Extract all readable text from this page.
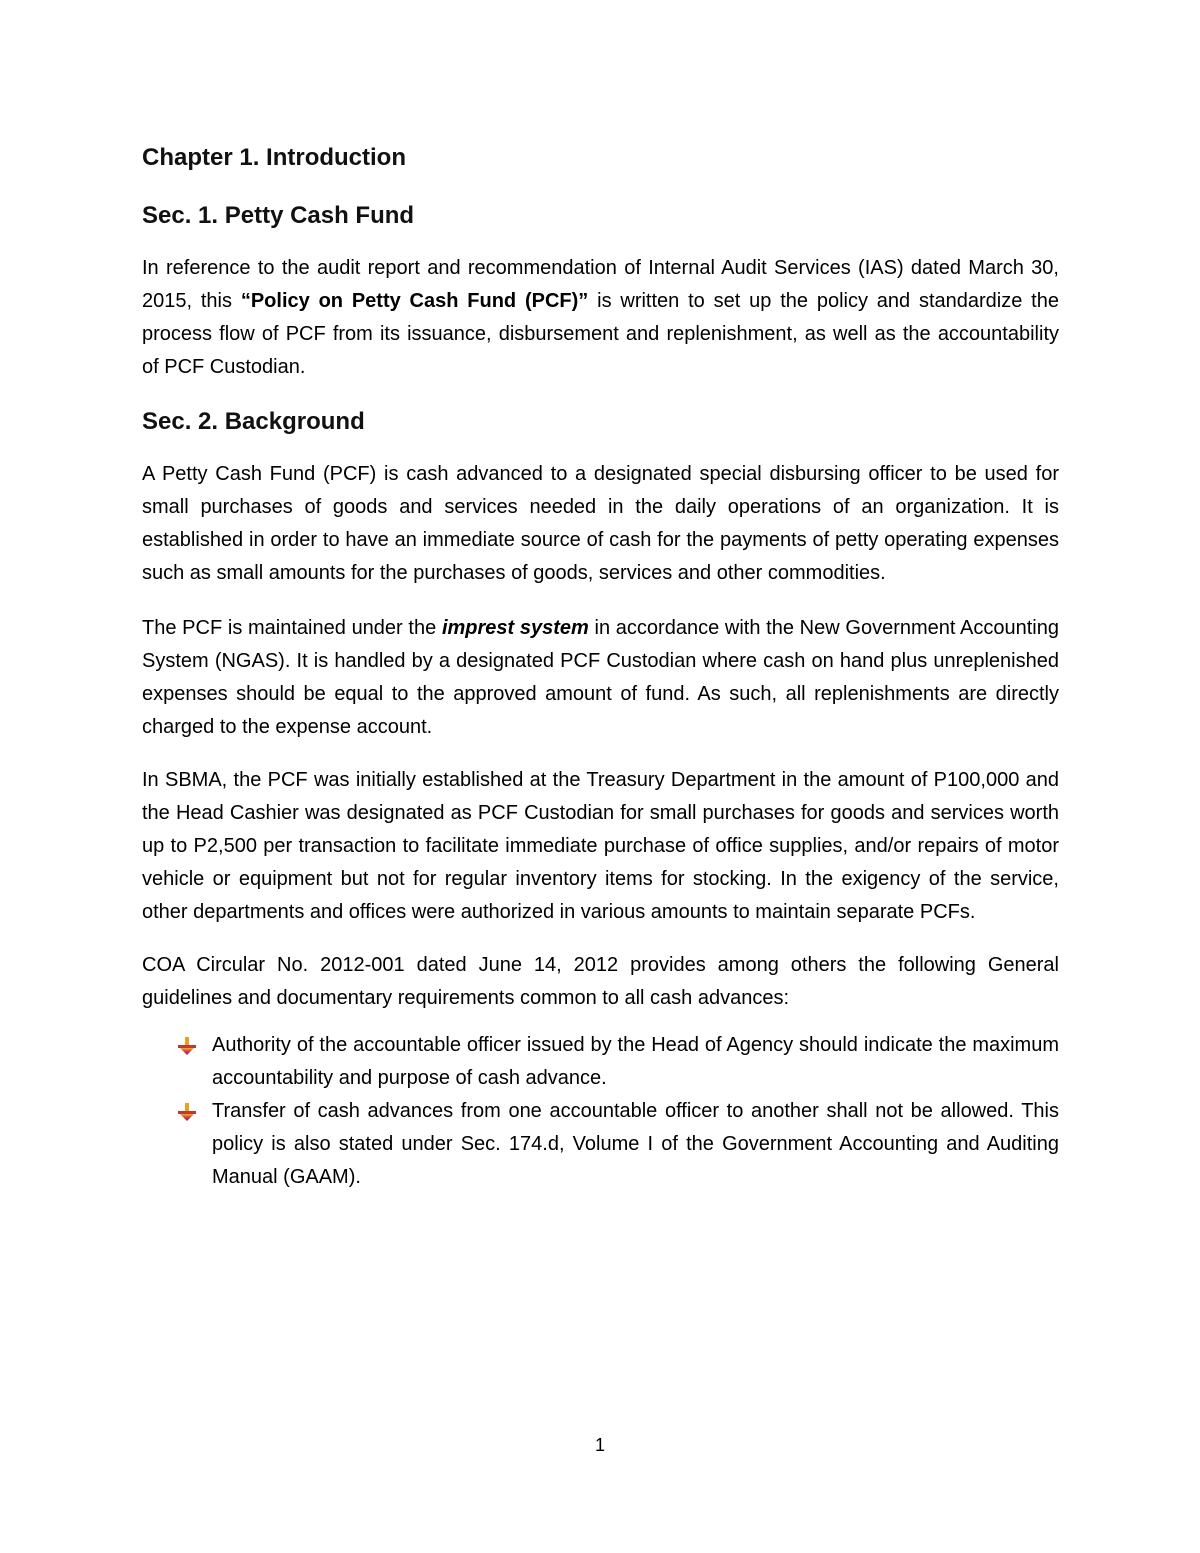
Chapter 1. Introduction
Sec. 1. Petty Cash Fund

In reference to the audit report and recommendation of Internal Audit Services (IAS) dated March 30, 2015, this “Policy on Petty Cash Fund (PCF)” is written to set up the policy and standardize the process flow of PCF from its issuance, disbursement and replenishment, as well as the accountability of PCF Custodian.

Sec. 2. Background

A Petty Cash Fund (PCF) is cash advanced to a designated special disbursing officer to be used for small purchases of goods and services needed in the daily operations of an organization. It is established in order to have an immediate source of cash for the payments of petty operating expenses such as small amounts for the purchases of goods, services and other commodities.

The PCF is maintained under the imprest system in accordance with the New Government Accounting System (NGAS). It is handled by a designated PCF Custodian where cash on hand plus unreplenished expenses should be equal to the approved amount of fund. As such, all replenishments are directly charged to the expense account.

In SBMA, the PCF was initially established at the Treasury Department in the amount of P100,000 and the Head Cashier was designated as PCF Custodian for small purchases for goods and services worth up to P2,500 per transaction to facilitate immediate purchase of office supplies, and/or repairs of motor vehicle or equipment but not for regular inventory items for stocking. In the exigency of the service, other departments and offices were authorized in various amounts to maintain separate PCFs.

COA Circular No. 2012-001 dated June 14, 2012 provides among others the following General guidelines and documentary requirements common to all cash advances:

Authority of the accountable officer issued by the Head of Agency should indicate the maximum accountability and purpose of cash advance.
Transfer of cash advances from one accountable officer to another shall not be allowed. This policy is also stated under Sec. 174.d, Volume I of the Government Accounting and Auditing Manual (GAAM).
1
